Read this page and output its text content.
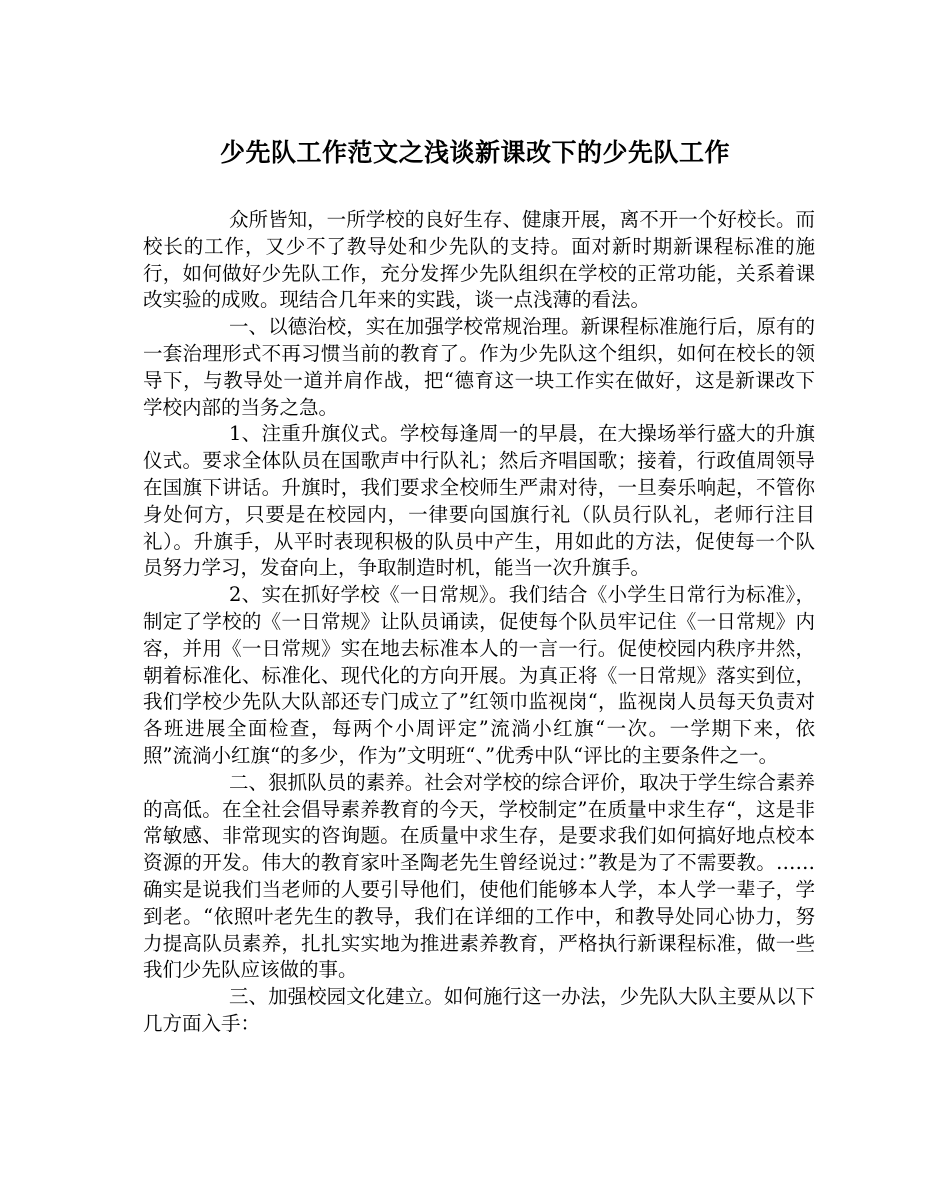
少先队工作范文之浅谈新课改下的少先队工作

众所皆知，一所学校的良好生存、健康开展，离不开一个好校长。而校长的工作，又少不了教导处和少先队的支持。面对新时期新课程标准的施行，如何做好少先队工作，充分发挥少先队组织在学校的正常功能，关系着课改实验的成败。现结合几年来的实践，谈一点浅薄的看法。

一、以德治校，实在加强学校常规治理。新课程标准施行后，原有的一套治理形式不再习惯当前的教育了。作为少先队这个组织，如何在校长的领导下，与教导处一道并肩作战，把“德育这一块工作实在做好，这是新课改下学校内部的当务之急。

1、注重升旗仪式。学校每逢周一的早晨，在大操场举行盛大的升旗仪式。要求全体队员在国歌声中行队礼；然后齐唱国歌；接着，行政值周领导在国旗下讲话。升旗时，我们要求全校师生严肃对待，一旦奏乐响起，不管你身处何方，只要是在校园内，一律要向国旗行礼（队员行队礼，老师行注目礼）。升旗手，从平时表现积极的队员中产生，用如此的方法，促使每一个队员努力学习，发奋向上，争取制造时机，能当一次升旗手。

2、实在抓好学校《一日常规》。我们结合《小学生日常行为标准》，制定了学校的《一日常规》让队员诵读，促使每个队员牢记住《一日常规》内容，并用《一日常规》实在地去标准本人的一言一行。促使校园内秩序井然，朝着标准化、标准化、现代化的方向开展。为真正将《一日常规》落实到位，我们学校少先队大队部还专门成立了”红领巾监视岗“，监视岗人员每天负责对各班进展全面检查，每两个小周评定”流淌小红旗“一次。一学期下来，依照”流淌小红旗“的多少，作为”文明班“、”优秀中队“评比的主要条件之一。

二、狠抓队员的素养。社会对学校的综合评价，取决于学生综合素养的高低。在全社会倡导素养教育的今天，学校制定”在质量中求生存“，这是非常敏感、非常现实的咨询题。在质量中求生存，是要求我们如何搞好地点校本资源的开发。伟大的教育家叶圣陶老先生曾经说过：”教是为了不需要教。……确实是说我们当老师的人要引导他们，使他们能够本人学，本人学一辈子，学到老。“依照叶老先生的教导，我们在详细的工作中，和教导处同心协力，努力提高队员素养，扎扎实实地为推进素养教育，严格执行新课程标准，做一些我们少先队应该做的事。

三、加强校园文化建立。如何施行这一办法，少先队大队主要从以下几方面入手：
